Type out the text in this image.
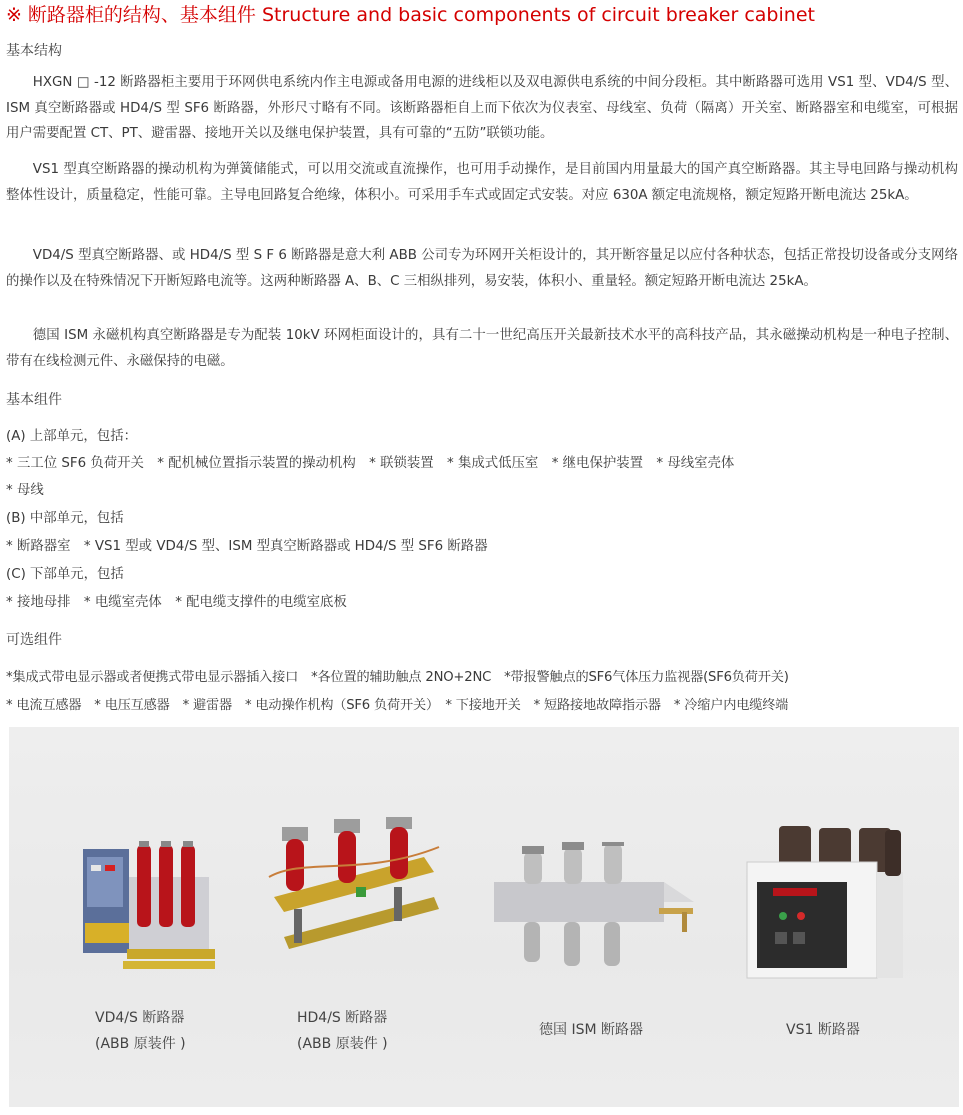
※ 断路器柜的结构、基本组件 Structure and basic components of circuit breaker cabinet
基本结构
HXGN □ -12 断路器柜主要用于环网供电系统内作主电源或备用电源的进线柜以及双电源供电系统的中间分段柜。其中断路器可选用 VS1 型、VD4/S 型、ISM 真空断路器或 HD4/S 型 SF6 断路器，外形尺寸略有不同。该断路器柜自上而下依次为仪表室、母线室、负荷（隔离）开关室、断路器室和电缆室，可根据用户需要配置 CT、PT、避雷器、接地开关以及继电保护装置，具有可靠的“五防”联锁功能。
VS1 型真空断路器的操动机构为弹簧储能式，可以用交流或直流操作，也可用手动操作，是目前国内用量最大的国产真空断路器。其主导电回路与操动机构整体性设计，质量稳定，性能可靠。主导电回路复合绝缘，体积小。可采用手车式或固定式安装。对应 630A 额定电流规格，额定短路开断电流达 25kA。
VD4/S 型真空断路器、或 HD4/S 型 S F 6 断路器是意大利 ABB 公司专为环网开关柜设计的，其开断容量足以应付各种状态，包括正常投切设备或分支网络的操作以及在特殊情况下开断短路电流等。这两种断路器 A、B、C 三相纵排列，易安装，体积小、重量轻。额定短路开断电流达 25kA。
德国 ISM 永磁机构真空断路器是专为配装 10kV 环网柜面设计的，具有二十一世纪高压开关最新技术水平的高科技产品，其永磁操动机构是一种电子控制、带有在线检测元件、永磁保持的电磁。
基本组件
(A) 上部单元，包括：
* 三工位 SF6 负荷开关　* 配机械位置指示装置的操动机构　* 联锁装置　* 集成式低压室　* 继电保护装置　* 母线室壳体
* 母线
(B) 中部单元，包括
* 断路器室　* VS1 型或 VD4/S 型、ISM 型真空断路器或 HD4/S 型 SF6 断路器
(C) 下部单元，包括
* 接地母排　* 电缆室壳体　* 配电缆支撑件的电缆室底板
可选组件
*集成式带电显示器或者便携式带电显示器插入接口　*各位置的辅助触点 2NO+2NC　*带报警触点的SF6气体压力监视器(SF6负荷开关)
* 电流互感器　* 电压互感器　* 避雷器　* 电动操作机构（SF6 负荷开关）　* 下接地开关　* 短路接地故障指示器　* 冷缩户内电缆终端
VD4/S 断路器
(ABB 原装件 )
HD4/S 断路器
(ABB 原装件 )
德国 ISM 断路器	VS1 断路器
